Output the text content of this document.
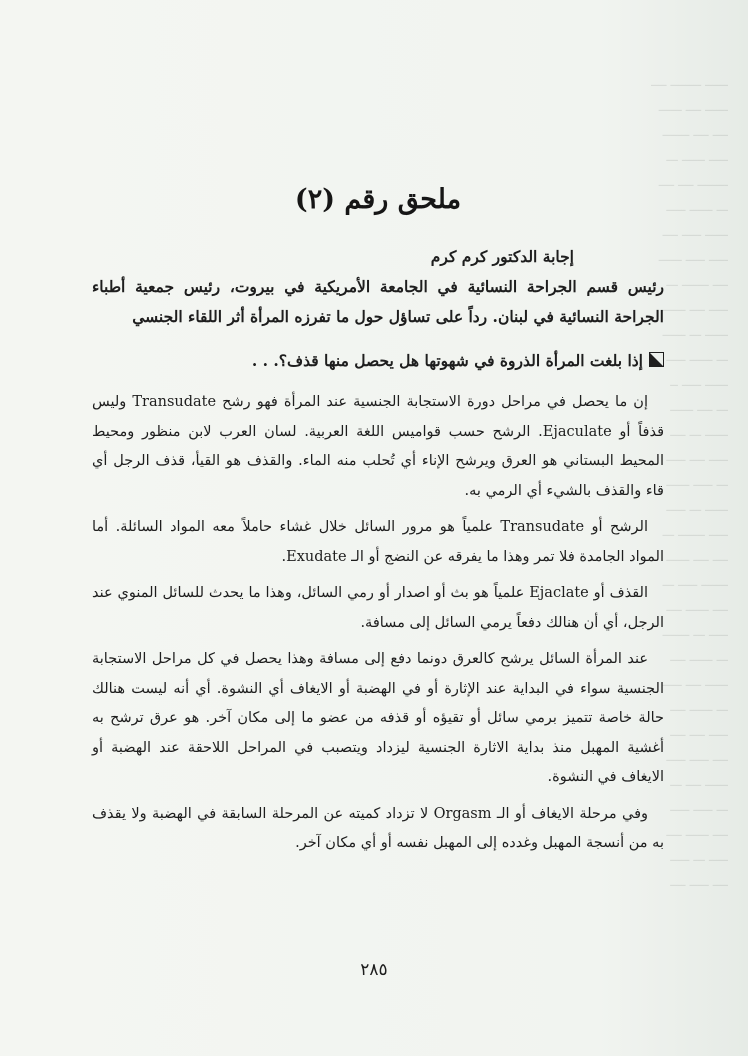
ــــــ ــــــــ ــــ
ــــــ ــــ ــــــ
ــــ ــــ ـــــــ
ـــــ ــــــ ـــ
ــــــــ ــــ ــــ
ـــ ــــــ ـــــ
ــــــ ـــــ ــــ
ـــــ ـــــ ــــــ
ــــ ـــــــ ـــ
ـــــ ــــ ــــــ
ــــــ ـــ ــــــ
ـــ ــــــ ـــــ
ــــــ ـــــ ــ
ـــ ــــ ــــــ
ــــــ ـــ ــــ
ـــــ ــــ ـــــ
ـــ ـــــ ــــــ
ــــــ ـــ ـــــ
ـــــ ـــــــ ـــ
ــــ ــــ ــــــ
ـــــــ ـــــ ـــ
ــــ ــــــ ــــ
ـــــ ـــ ـــــــ
ـــ ــــــ ــــ
ــــــ ــــ ـــــ
ـــ ــــــ ــــ
ـــــ ــــ ــــ
ــــ ـــــ ـــــ
ــــــ ــــ ـــ
ـــ ـــــ ـــــ
ــــ ــــــ ــــ
ـــــ ـــ ـــــ
ــــ ـــــ ــــ
ملحق رقم (٢)

إجابة الدكتور كرم كرم

رئيس قسم الجراحة النسائية في الجامعة الأمريكية في بيروت، رئيس جمعية أطباء الجراحة النسائية في لبنان. رداً على تساؤل حول ما تفرزه المرأة أثر اللقاء الجنسي

إذا بلغت المرأة الذروة في شهوتها هل يحصل منها قذف؟. . .

إن ما يحصل في مراحل دورة الاستجابة الجنسية عند المرأة فهو رشح Transudate وليس قذفاً أو Ejaculate. الرشح حسب قواميس اللغة العربية. لسان العرب لابن منظور ومحيط المحيط البستاني هو العرق ويرشح الإناء أي تُحلب منه الماء. والقذف هو القيأ، قذف الرجل أي قاء والقذف بالشيء أي الرمي به.

الرشح أو Transudate علمياً هو مرور السائل خلال غشاء حاملاً معه المواد السائلة. أما المواد الجامدة فلا تمر وهذا ما يفرقه عن النضج أو الـ Exudate.

القذف أو Ejaclate علمياً هو بث أو اصدار أو رمي السائل، وهذا ما يحدث للسائل المنوي عند الرجل، أي أن هنالك دفعاً يرمي السائل إلى مسافة.

عند المرأة السائل يرشح كالعرق دونما دفع إلى مسافة وهذا يحصل في كل مراحل الاستجابة الجنسية سواء في البداية عند الإثارة أو في الهضبة أو الايغاف أي النشوة. أي أنه ليست هنالك حالة خاصة تتميز برمي سائل أو تقيؤه أو قذفه من عضو ما إلى مكان آخر. هو عرق ترشح به أغشية المهبل منذ بداية الاثارة الجنسية ليزداد ويتصبب في المراحل اللاحقة عند الهضبة أو الايغاف في النشوة.

وفي مرحلة الايغاف أو الـ Orgasm لا تزداد كميته عن المرحلة السابقة في الهضبة ولا يقذف به من أنسجة المهبل وغدده إلى المهبل نفسه أو أي مكان آخر.

٢٨٥
